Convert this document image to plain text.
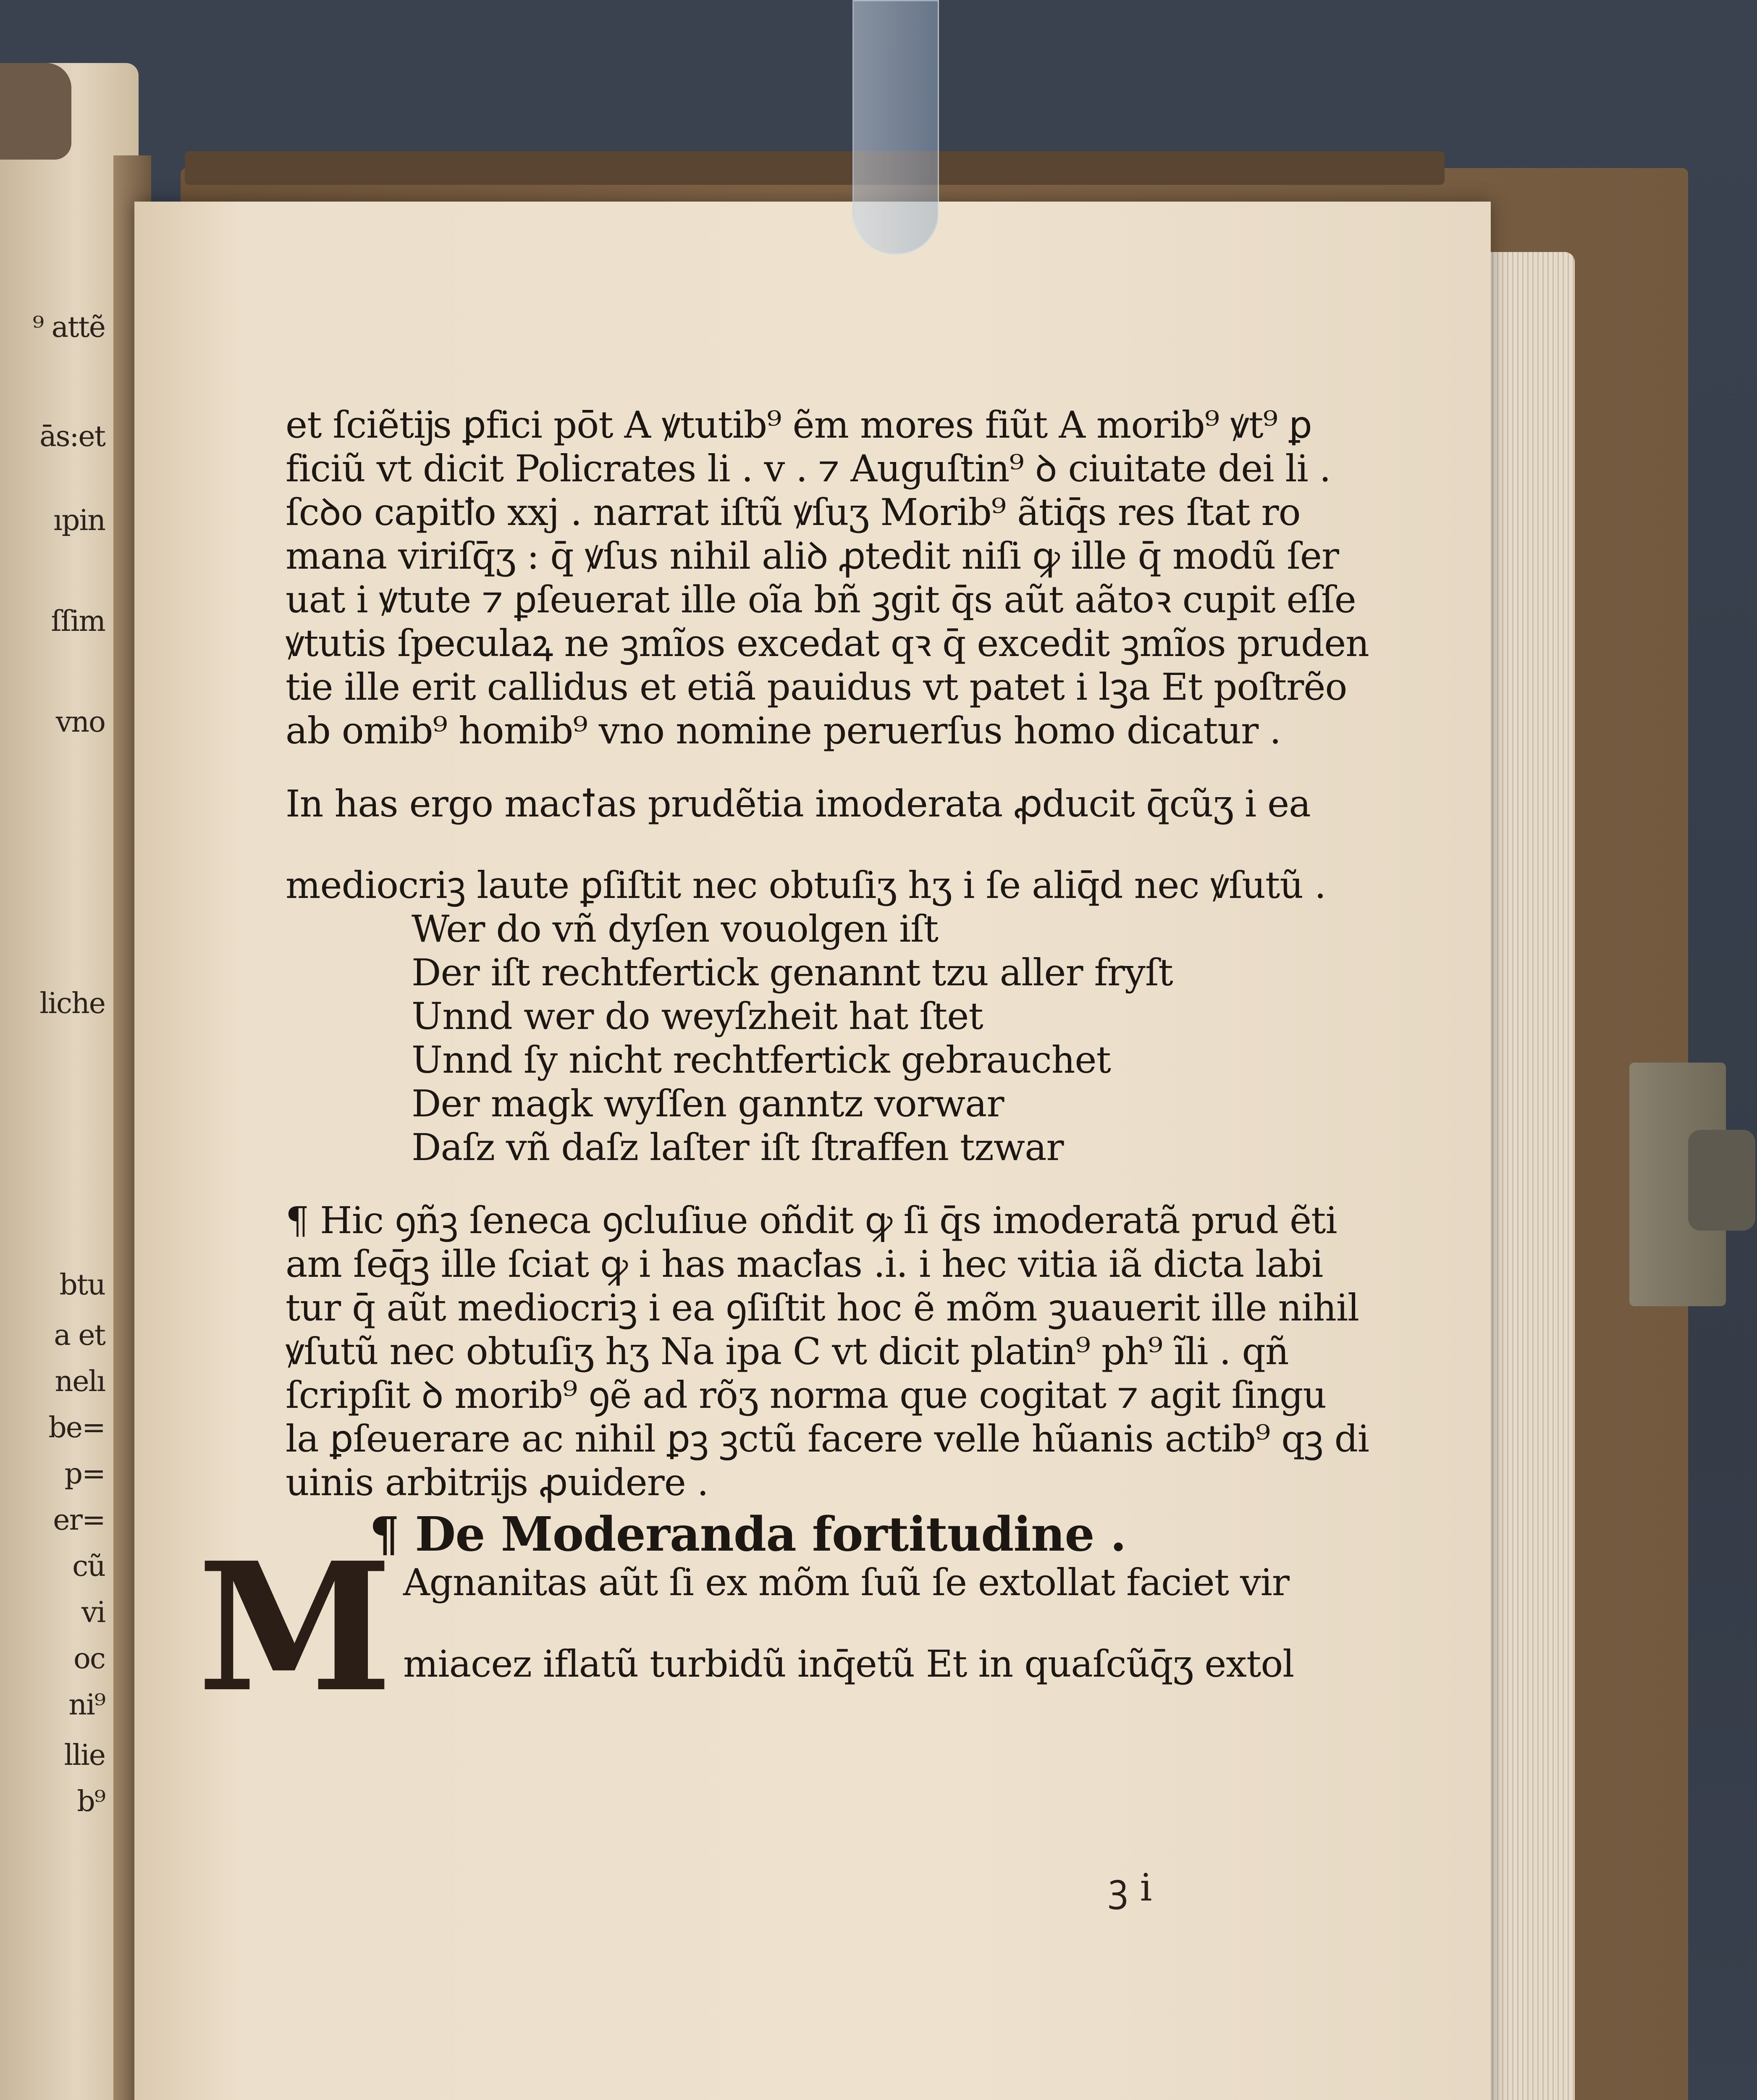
⁹ attẽ
ās:et
ıpin
ſſim
vno
liche
btu
a et
nelı
be=
p=
er=
cũ
vi
oc
ni⁹
llie
b⁹
et ſciẽtĳs ꝑfici pōt A ꝟtutib⁹ ẽm mores fiũt A morib⁹ ꝟt⁹ ꝑ
ficiũ vt dicit Policrates li . v . ⁊ Auguſtin⁹ ꝺ ciuitate dei li .
ſcꝺo capitꝉo xxj . narrat iſtũ ꝟſuʒ Morib⁹ ãtiq̄s res ſtat ro
mana viriſq̄ʒ : q̄ ꝟſus nihil aliꝺ ꝓtedit niſi ꝙ ille q̄ modũ ſer
uat i ꝟtute ⁊ ꝑſeuerat ille oĩa bñ ꝫgit q̄s aũt aãtoꝛ cupit eſſe
ꝟtutis ſpeculaꝝ ne ꝫmĩos excedat qꝛ q̄ excedit ꝫmĩos pruden
tie ille erit callidus et etiã pauidus vt patet i lꝫa Et poſtrẽo
ab omib⁹ homib⁹ vno nomine peruerſus homo dicatur .
In has ergo macꝉas prudẽtia imoderata ꝓducit q̄cũʒ i ea
mediocriꝫ laute ꝑſiſtit nec obtuſiʒ hʒ i ſe aliq̄d nec ꝟſutũ .
Wer do vñ dyſen vouolgen iſt
Der iſt rechtfertick genannt tzu aller fryſt
Unnd wer do weyſzheit hat ſtet
Unnd ſy nicht rechtfertick gebrauchet
Der magk wyſſen ganntz vorwar
Daſz vñ daſz laſter iſt ſtraffen tzwar
¶ Hic ꝯñꝫ ſeneca ꝯcluſiue oñdit ꝙ ſi q̄s imoderatã prud ẽti
am ſeq̄ꝫ ille ſciat ꝙ i has macꝉas .i. i hec vitia iã dicta labi
tur q̄ aũt mediocriꝫ i ea ꝯſiſtit hoc ẽ mõm ꝫuauerit ille nihil
ꝟſutũ nec obtuſiʒ hʒ Na ipa C vt dicit platin⁹ ph⁹ ĩli . qñ
ſcripſit ꝺ morib⁹ ꝯẽ ad rõʒ norma que cogitat ⁊ agit ſingu
la ꝑſeuerare ac nihil ꝑꝫ ꝫctũ facere velle hũanis actib⁹ qꝫ di
uinis arbitrĳs ꝓuidere .
¶ De Moderanda fortitudine .
M Agnanitas aũt ſi ex mõm ſuũ ſe extollat faciet vir
miacez iflatũ turbidũ inq̄etũ Et in quaſcũq̄ʒ extol
ꝫ i
